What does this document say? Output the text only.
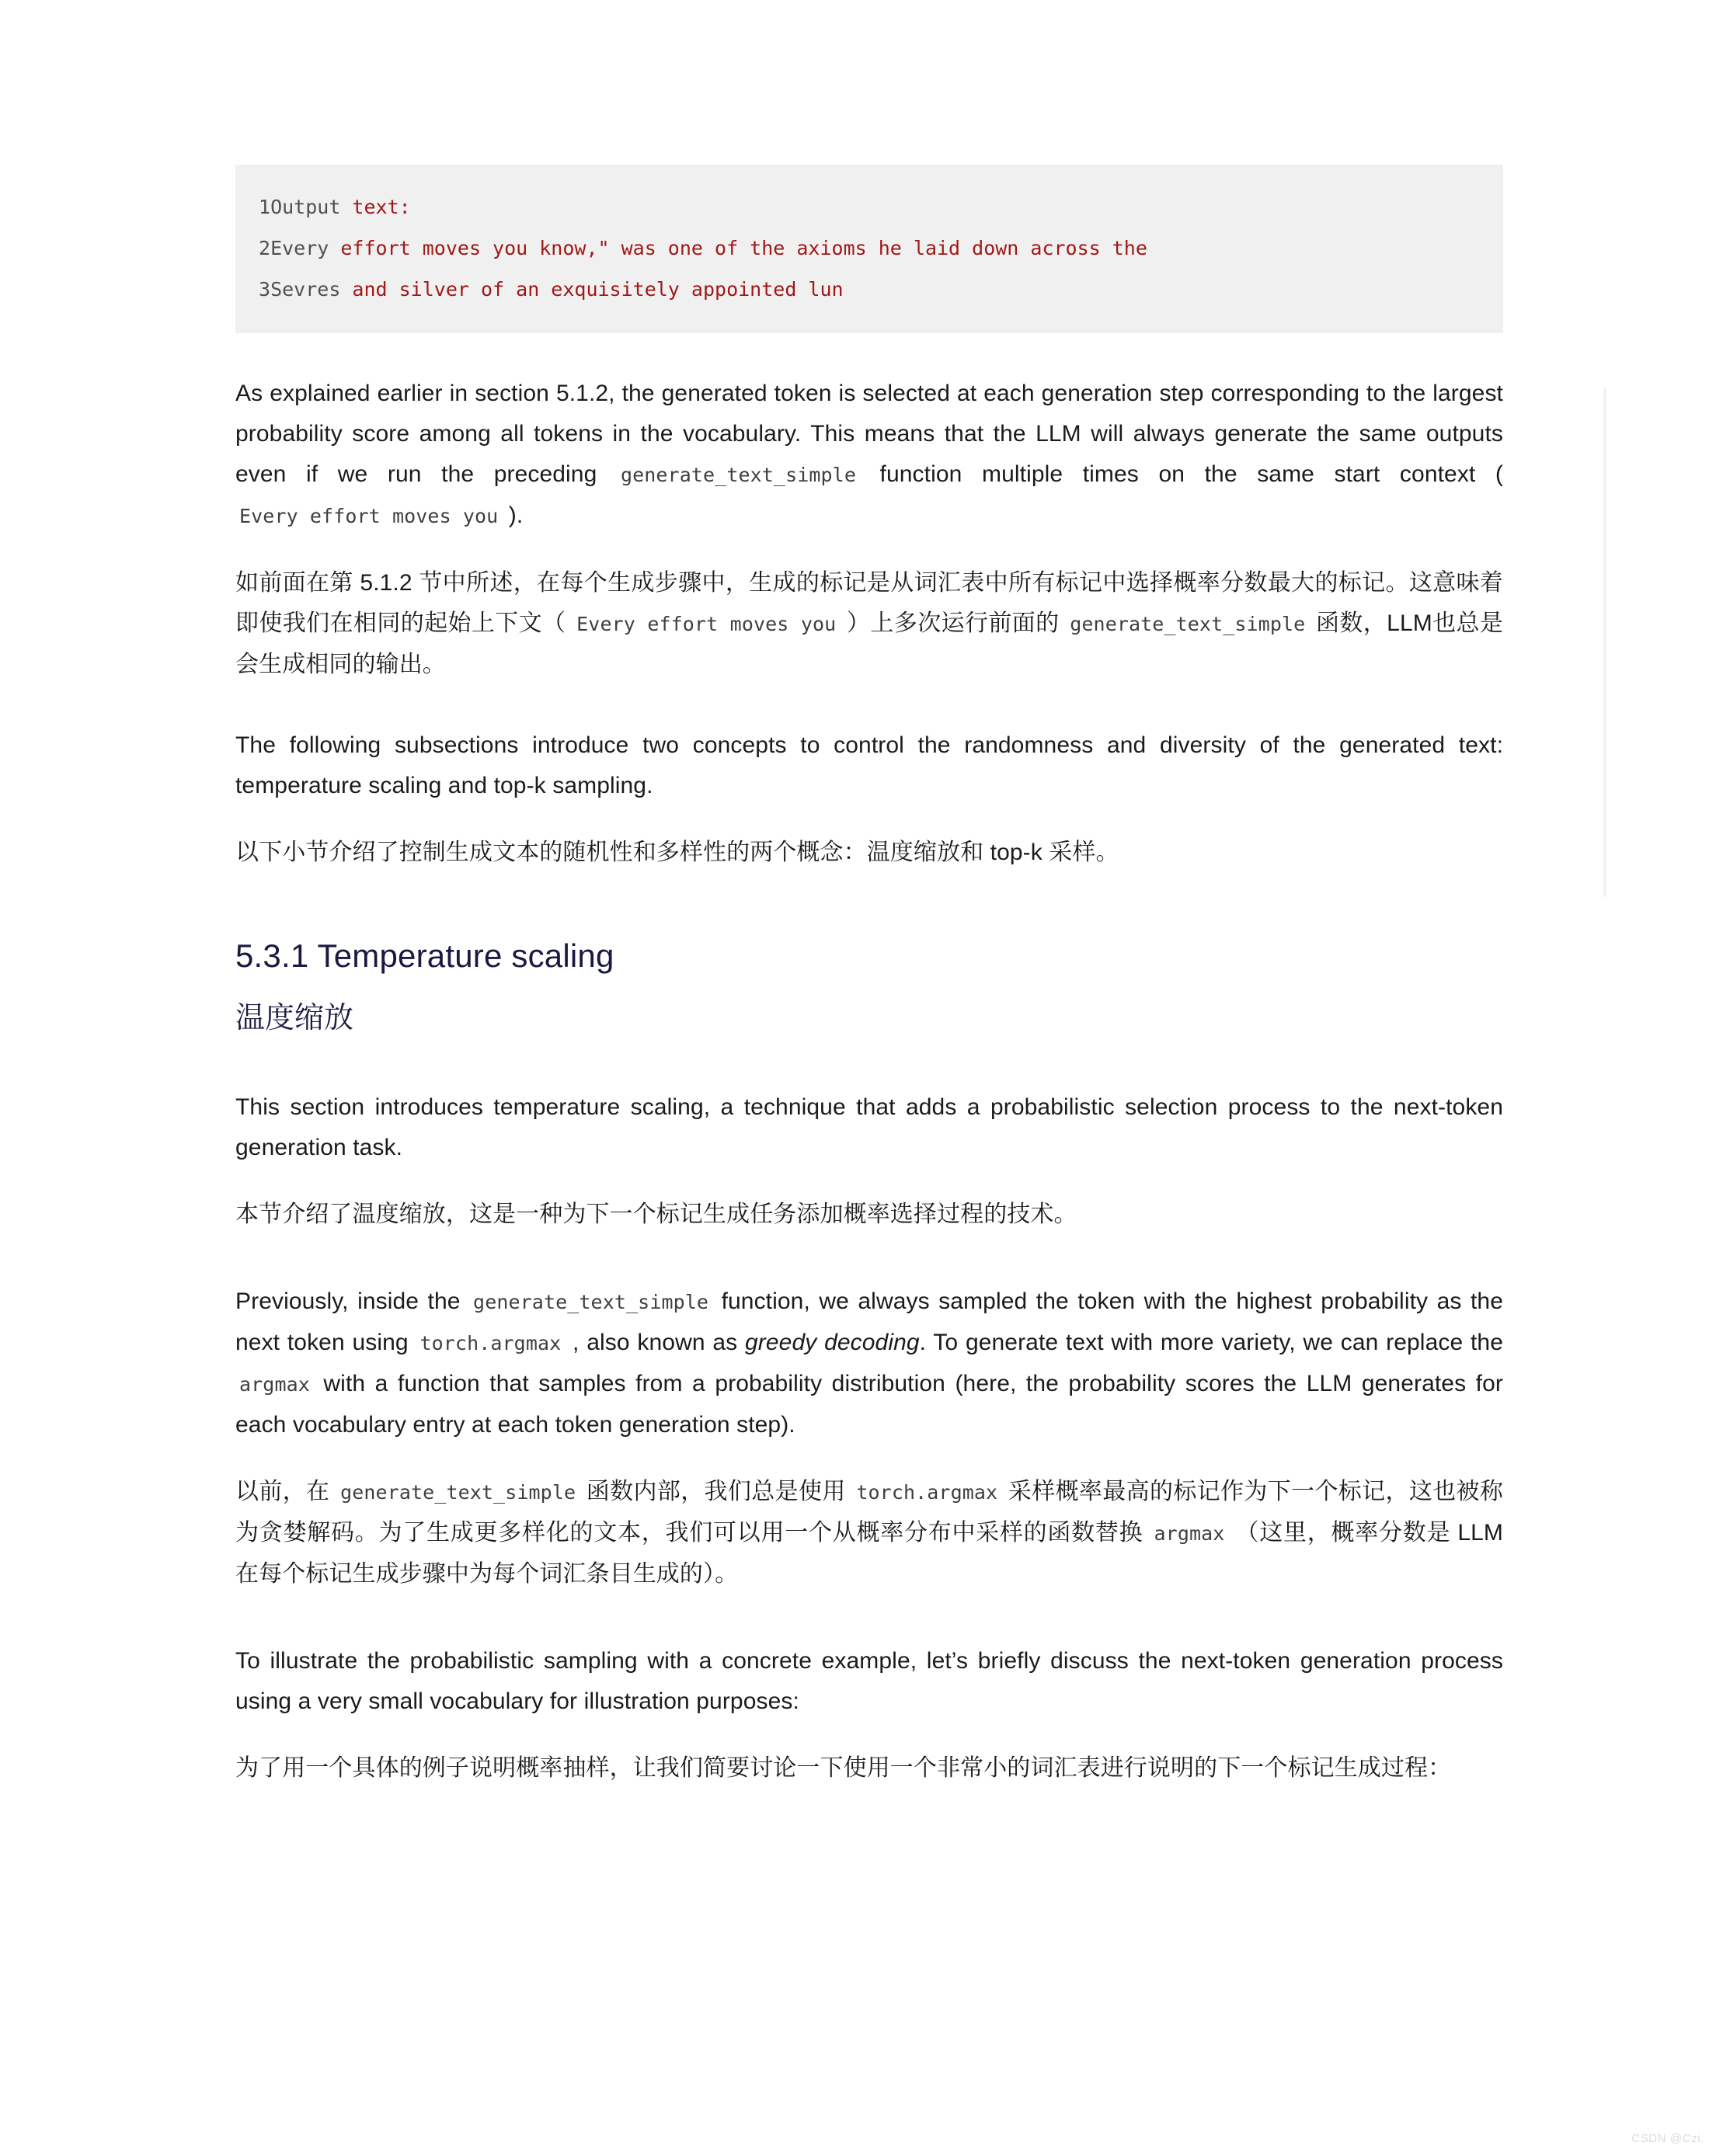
1Output text:
2Every effort moves you know," was one of the axioms he laid down across the
3Sevres and silver of an exquisitely appointed lun

As explained earlier in section 5.1.2, the generated token is selected at each generation step corresponding to the largest probability score among all tokens in the vocabulary. This means that the LLM will always generate the same outputs even if we run the preceding generate_text_simple function multiple times on the same start context ( Every effort moves you ).

如前面在第 5.1.2 节中所述，在每个生成步骤中，生成的标记是从词汇表中所有标记中选择概率分数最大的标记。这意味着即使我们在相同的起始上下文（ Every effort moves you ）上多次运行前面的 generate_text_simple 函数，LLM也总是会生成相同的输出。

The following subsections introduce two concepts to control the randomness and diversity of the generated text: temperature scaling and top-k sampling.

以下小节介绍了控制生成文本的随机性和多样性的两个概念：温度缩放和 top-k 采样。

5.3.1 Temperature scaling
温度缩放

This section introduces temperature scaling, a technique that adds a probabilistic selection process to the next-token generation task.

本节介绍了温度缩放，这是一种为下一个标记生成任务添加概率选择过程的技术。

Previously, inside the generate_text_simple function, we always sampled the token with the highest probability as the next token using torch.argmax , also known as greedy decoding. To generate text with more variety, we can replace the argmax with a function that samples from a probability distribution (here, the probability scores the LLM generates for each vocabulary entry at each token generation step).

以前，在 generate_text_simple 函数内部，我们总是使用 torch.argmax 采样概率最高的标记作为下一个标记，这也被称为贪婪解码。为了生成更多样化的文本，我们可以用一个从概率分布中采样的函数替换 argmax （这里，概率分数是 LLM 在每个标记生成步骤中为每个词汇条目生成的）。

To illustrate the probabilistic sampling with a concrete example, let’s briefly discuss the next-token generation process using a very small vocabulary for illustration purposes:

为了用一个具体的例子说明概率抽样，让我们简要讨论一下使用一个非常小的词汇表进行说明的下一个标记生成过程：

CSDN @Czi.
